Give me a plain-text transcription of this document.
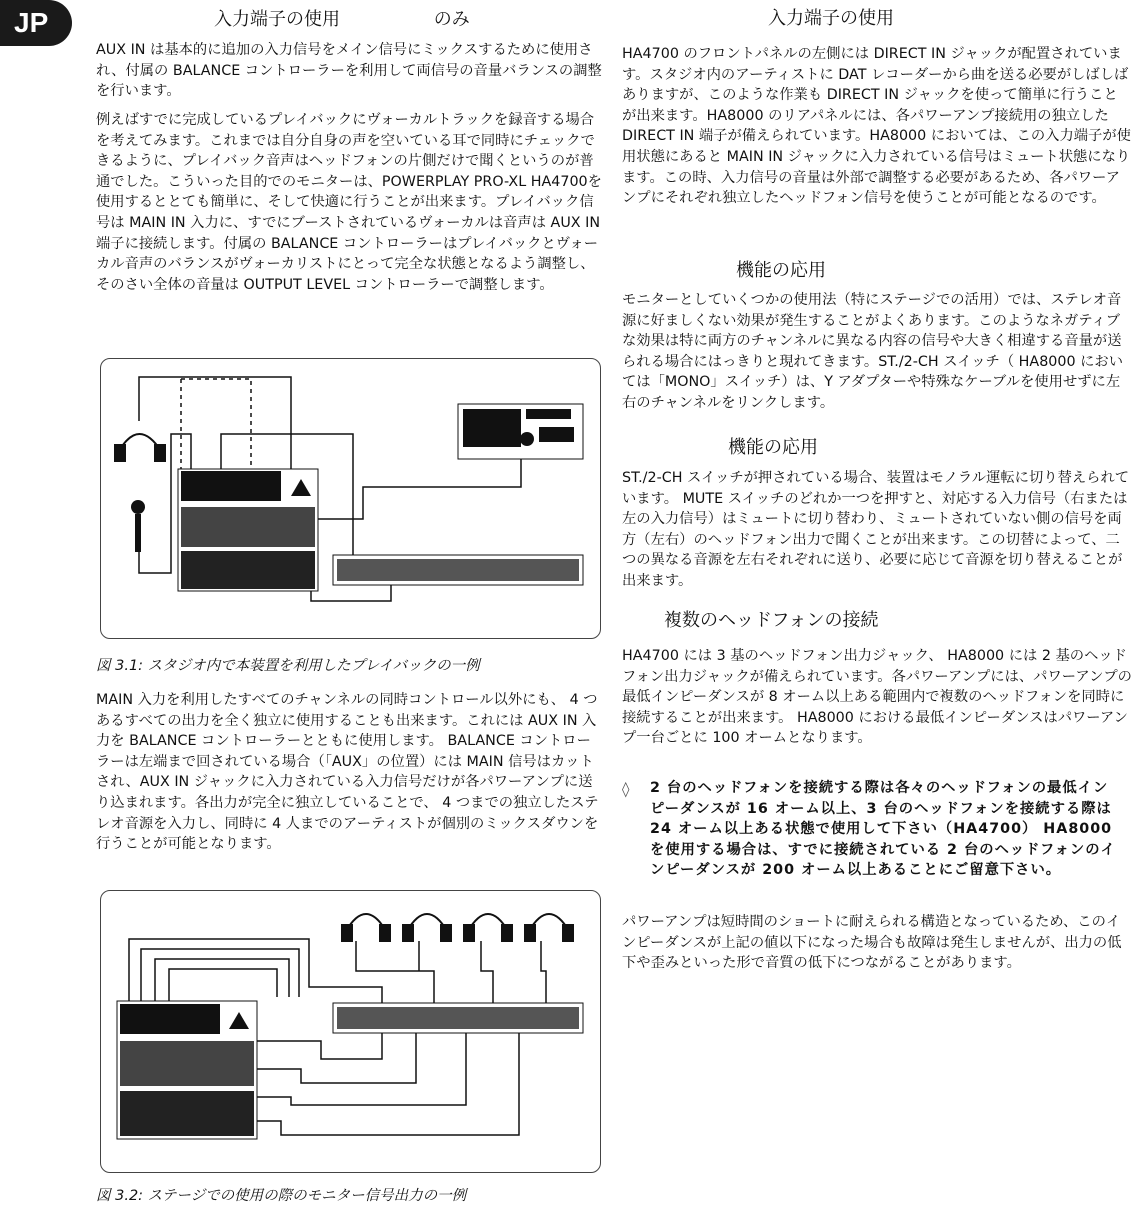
JP	入力端子の使用	のみ

AUX IN は基本的に追加の入力信号をメイン信号にミックスするために使用され、付属の BALANCE コントローラーを利用して両信号の音量バランスの調整を行います。

例えばすでに完成しているプレイバックにヴォーカルトラックを録音する場合を考えてみます。これまでは自分自身の声を空いている耳で同時にチェックできるように、プレイバック音声はヘッドフォンの片側だけで聞くというのが普通でした。こういった目的でのモニターは、POWERPLAY PRO-XL HA4700を使用するととても簡単に、そして快適に行うことが出来ます。プレイバック信号は MAIN IN 入力に、すでにブーストされているヴォーカルは音声は AUX IN 端子に接続します。付属の BALANCE コントローラーはプレイバックとヴォーカル音声のバランスがヴォーカリストにとって完全な状態となるよう調整し、そのさい全体の音量は OUTPUT LEVEL コントローラーで調整します。

図 3.1: スタジオ内で本装置を利用したプレイバックの一例

MAIN 入力を利用したすべてのチャンネルの同時コントロール以外にも、 4 つあるすべての出力を全く独立に使用することも出来ます。これには AUX IN 入力を BALANCE コントローラーとともに使用します。 BALANCE コントローラーは左端まで回されている場合（「AUX」の位置）には MAIN 信号はカットされ、AUX IN ジャックに入力されている入力信号だけが各パワーアンプに送り込まれます。各出力が完全に独立していることで、 4 つまでの独立したステレオ音源を入力し、同時に 4 人までのアーティストが個別のミックスダウンを行うことが可能となります。

図 3.2: ステージでの使用の際のモニター信号出力の一例
入力端子の使用

HA4700 のフロントパネルの左側には DIRECT IN ジャックが配置されています。スタジオ内のアーティストに DAT レコーダーから曲を送る必要がしばしばありますが、このような作業も DIRECT IN ジャックを使って簡単に行うことが出来ます。HA8000 のリアパネルには、各パワーアンプ接続用の独立した DIRECT IN 端子が備えられています。HA8000 においては、この入力端子が使用状態にあると MAIN IN ジャックに入力されている信号はミュート状態になります。この時、入力信号の音量は外部で調整する必要があるため、各パワーアンプにそれぞれ独立したヘッドフォン信号を使うことが可能となるのです。

機能の応用

モニターとしていくつかの使用法（特にステージでの活用）では、ステレオ音源に好ましくない効果が発生することがよくあります。このようなネガティブな効果は特に両方のチャンネルに異なる内容の信号や大きく相違する音量が送られる場合にはっきりと現れてきます。ST./2-CH スイッチ（ HA8000 においては「MONO」スイッチ）は、Y アダプターや特殊なケーブルを使用せずに左右のチャンネルをリンクします。

機能の応用

ST./2-CH スイッチが押されている場合、装置はモノラル運転に切り替えられています。 MUTE スイッチのどれか一つを押すと、対応する入力信号（右または左の入力信号）はミュートに切り替わり、ミュートされていない側の信号を両方（左右）のヘッドフォン出力で聞くことが出来ます。この切替によって、二つの異なる音源を左右それぞれに送り、必要に応じて音源を切り替えることが出来ます。

複数のヘッドフォンの接続

HA4700 には 3 基のヘッドフォン出力ジャック、 HA8000 には 2 基のヘッドフォン出力ジャックが備えられています。各パワーアンプには、パワーアンプの最低インピーダンスが 8 オーム以上ある範囲内で複数のヘッドフォンを同時に接続することが出来ます。 HA8000 における最低インピーダンスはパワーアンプ一台ごとに 100 オームとなります。

◊ 2 台のヘッドフォンを接続する際は各々のヘッドフォンの最低インピーダンスが 16 オーム以上、3 台のヘッドフォンを接続する際は 24 オーム以上ある状態で使用して下さい（HA4700） HA8000 を使用する場合は、すでに接続されている 2 台のヘッドフォンのインピーダンスが 200 オーム以上あることにご留意下さい。

パワーアンプは短時間のショートに耐えられる構造となっているため、このインピーダンスが上記の値以下になった場合も故障は発生しませんが、出力の低下や歪みといった形で音質の低下につながることがあります。
